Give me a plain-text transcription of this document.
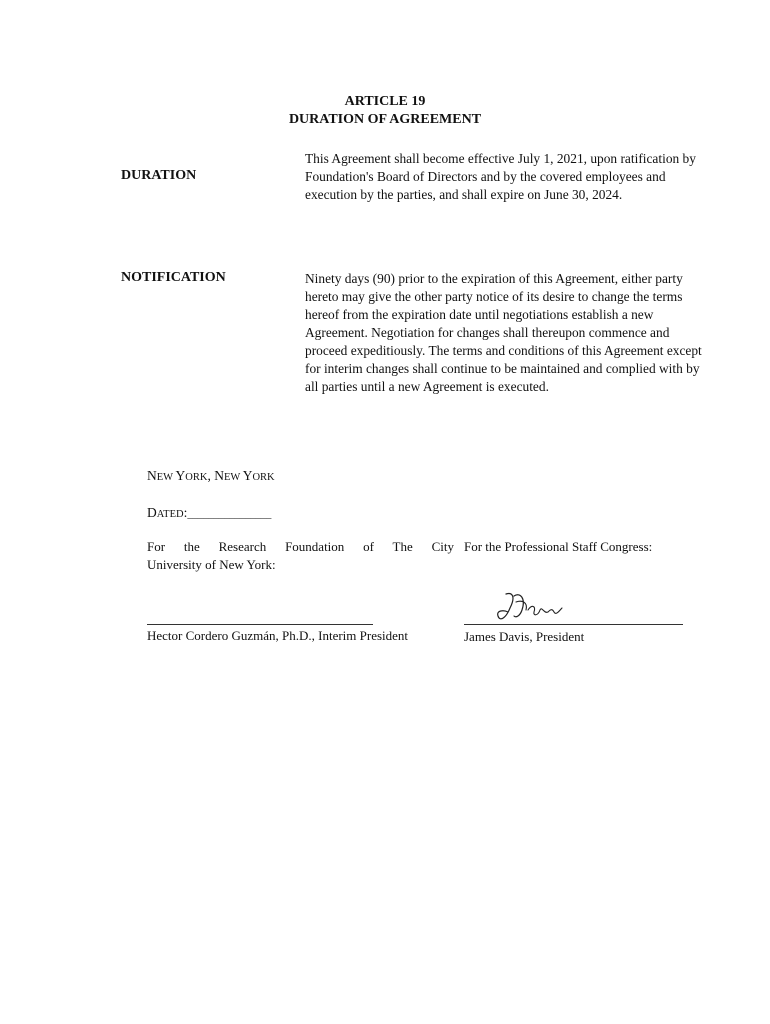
ARTICLE 19
DURATION OF AGREEMENT
DURATION
This Agreement shall become effective July 1, 2021, upon ratification by Foundation's Board of Directors and by the covered employees and execution by the parties, and shall expire on June 30, 2024.
NOTIFICATION	Ninety days (90) prior to the expiration of this Agreement, either party hereto may give the other party notice of its desire to change the terms hereof from the expiration date until negotiations establish a new Agreement. Negotiation for changes shall thereupon commence and proceed expeditiously. The terms and conditions of this Agreement except for interim changes shall continue to be maintained and complied with by all parties until a new Agreement is executed.
NEW YORK, NEW YORK
DATED:________________
For the Research Foundation of The City
University of New York:
For the Professional Staff Congress:
Hector Cordero Guzmán, Ph.D., Interim President	James Davis, President
